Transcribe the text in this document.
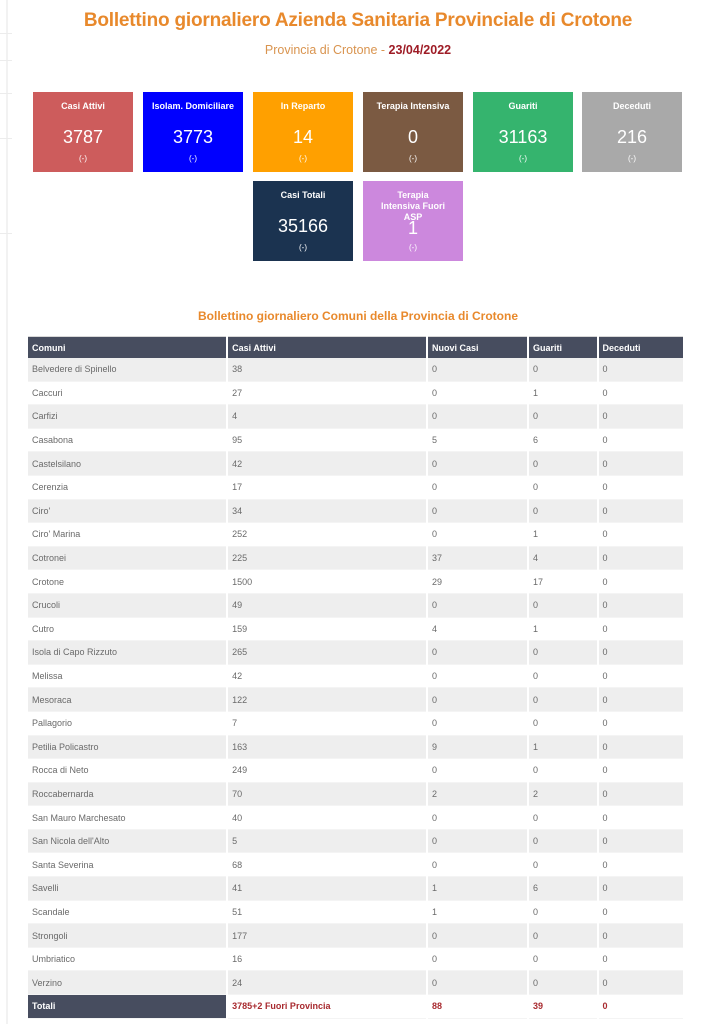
Bollettino giornaliero Azienda Sanitaria Provinciale di Crotone
Provincia di Crotone - 23/04/2022
Casi Attivi
3787
(-)
Isolam. Domiciliare
3773
(-)
In Reparto
14
(-)
Terapia Intensiva
0
(-)
Guariti
31163
(-)
Deceduti
216
(-)
Casi Totali
35166
(-)
Terapia Intensiva Fuori ASP
1
(-)
Bollettino giornaliero Comuni della Provincia di Crotone
Comuni	Casi Attivi	Nuovi Casi	Guariti	Deceduti
Belvedere di Spinello	38	0	0	0
Caccuri	27	0	1	0
Carfizi	4	0	0	0
Casabona	95	5	6	0
Castelsilano	42	0	0	0
Cerenzia	17	0	0	0
Ciro'	34	0	0	0
Ciro' Marina	252	0	1	0
Cotronei	225	37	4	0
Crotone	1500	29	17	0
Crucoli	49	0	0	0
Cutro	159	4	1	0
Isola di Capo Rizzuto	265	0	0	0
Melissa	42	0	0	0
Mesoraca	122	0	0	0
Pallagorio	7	0	0	0
Petilia Policastro	163	9	1	0
Rocca di Neto	249	0	0	0
Roccabernarda	70	2	2	0
San Mauro Marchesato	40	0	0	0
San Nicola dell'Alto	5	0	0	0
Santa Severina	68	0	0	0
Savelli	41	1	6	0
Scandale	51	1	0	0
Strongoli	177	0	0	0
Umbriatico	16	0	0	0
Verzino	24	0	0	0
Totali	3785+2 Fuori Provincia	88	39	0
